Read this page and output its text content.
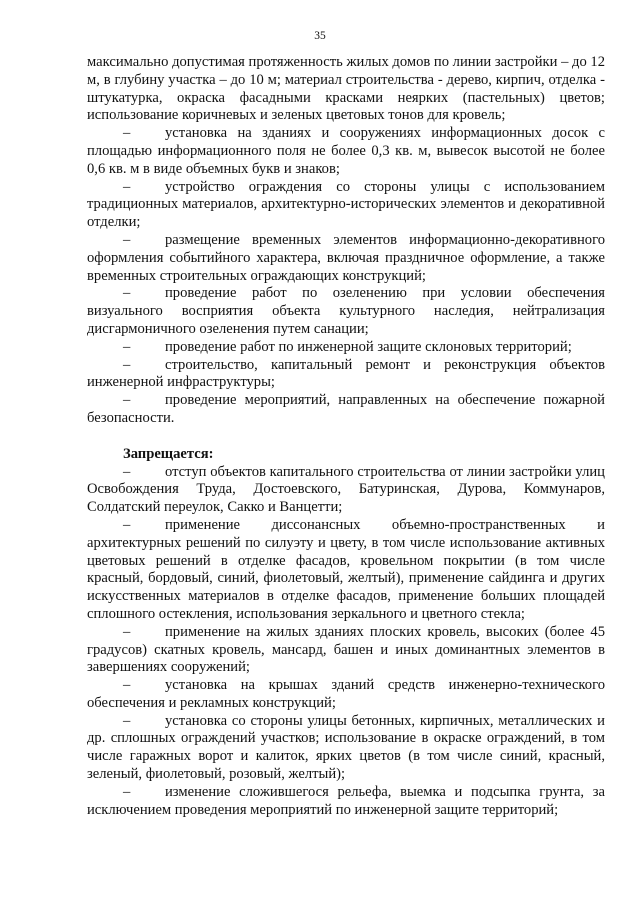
35

максимально допустимая протяженность жилых домов по линии застройки – до 12 м, в глубину участка – до 10 м; материал строительства - дерево, кирпич, отделка - штукатурка, окраска фасадными красками неярких (пастельных) цветов; использование коричневых и зеленых цветовых тонов для кровель;

– установка на зданиях и сооружениях информационных досок с площадью информационного поля не более 0,3 кв. м, вывесок высотой не более 0,6 кв. м в виде объемных букв и знаков;

– устройство ограждения со стороны улицы с использованием традиционных материалов, архитектурно-исторических элементов и декоративной отделки;

– размещение временных элементов информационно-декоративного оформления событийного характера, включая праздничное оформление, а также временных строительных ограждающих конструкций;

– проведение работ по озеленению при условии обеспечения визуального восприятия объекта культурного наследия, нейтрализация дисгармоничного озеленения путем санации;

– проведение работ по инженерной защите склоновых территорий;

– строительство, капитальный ремонт и реконструкция объектов инженерной инфраструктуры;

– проведение мероприятий, направленных на обеспечение пожарной безопасности.

Запрещается:

– отступ объектов капитального строительства от линии застройки улиц Освобождения Труда, Достоевского, Батуринская, Дурова, Коммунаров, Солдатский переулок, Сакко и Ванцетти;

– применение диссонансных объемно-пространственных и архитектурных решений по силуэту и цвету, в том числе использование активных цветовых решений в отделке фасадов, кровельном покрытии (в том числе красный, бордовый, синий, фиолетовый, желтый), применение сайдинга и других искусственных материалов в отделке фасадов, применение больших площадей сплошного остекления, использования зеркального и цветного стекла;

– применение на жилых зданиях плоских кровель, высоких (более 45 градусов) скатных кровель, мансард, башен и иных доминантных элементов в завершениях сооружений;

– установка на крышах зданий средств инженерно-технического обеспечения и рекламных конструкций;

– установка со стороны улицы бетонных, кирпичных, металлических и др. сплошных ограждений участков; использование в окраске ограждений, в том числе гаражных ворот и калиток, ярких цветов (в том числе синий, красный, зеленый, фиолетовый, розовый, желтый);

– изменение сложившегося рельефа, выемка и подсыпка грунта, за исключением проведения мероприятий по инженерной защите территорий;
